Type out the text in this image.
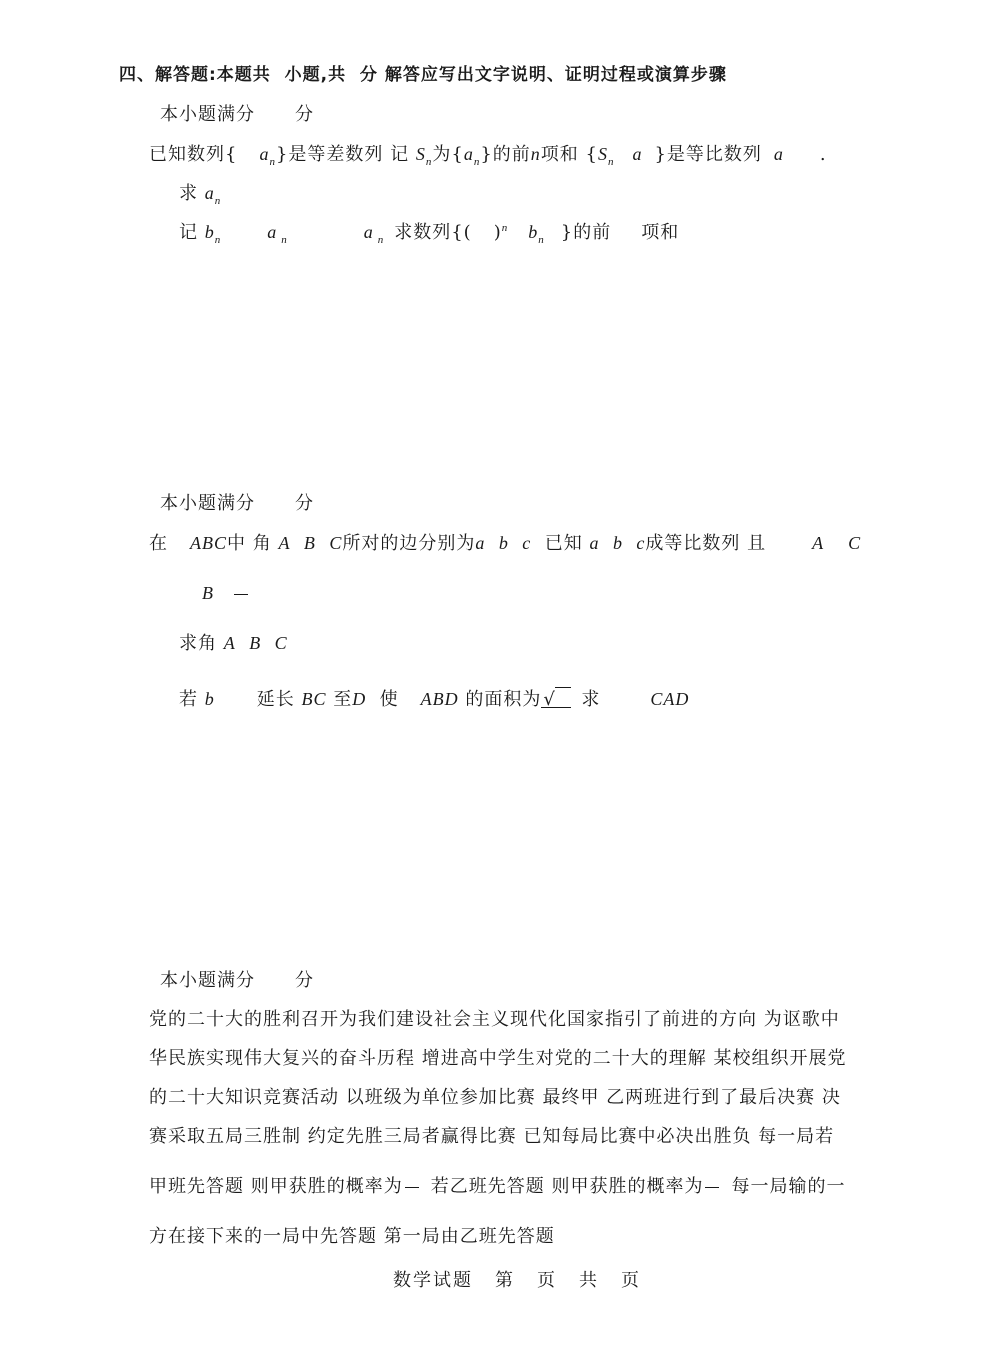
四、解答题:本题共  小题,共  分 解答应写出文字说明、证明过程或演算步骤
本小题满分 分
已知数列{ $a_n$}是等差数列 记 $S_n$为$\{a_n\}$的前n项和 {$S_n$ a }是等比数列 a .
求 $a_n$
记 $b_n$	a $_n$	a $_n$ 求数列{( )$^n$ $b_n$ }的前 项和
本小题满分 分
在 ABC中 角 A B C所对的边分别为a b c 已知 a b c成等比数列 且	A C
B
求角 A B C
若 b 延长 BC 至D 使 ABD 的面积为 √ 求	CAD
本小题满分 分
党的二十大的胜利召开为我们建设社会主义现代化国家指引了前进的方向 为讴歌中
华民族实现伟大复兴的奋斗历程 增进高中学生对党的二十大的理解 某校组织开展党
的二十大知识竞赛活动 以班级为单位参加比赛 最终甲 乙两班进行到了最后决赛 决
赛采取五局三胜制 约定先胜三局者赢得比赛 已知每局比赛中必决出胜负 每一局若
甲班先答题 则甲获胜的概率为 若乙班先答题 则甲获胜的概率为 每一局输的一
方在接下来的一局中先答题 第一局由乙班先答题
数学试题 第 页 共 页
